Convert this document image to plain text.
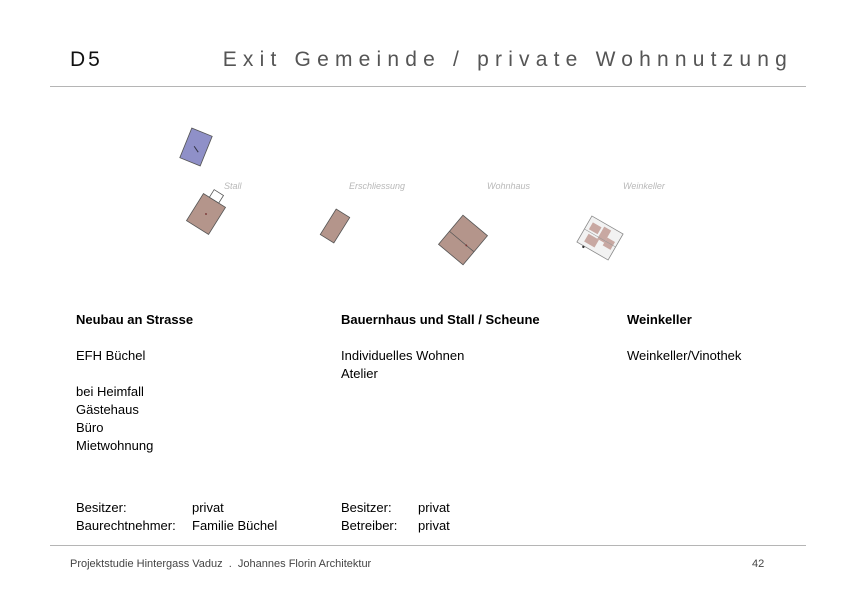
D5	Exit Gemeinde / private Wohnnutzung
Stall	Erschliessung	Wohnhaus	Weinkeller
Neubau an Strasse
EFH Büchel
bei Heimfall
Gästehaus
Büro
Mietwohnung
Besitzer:	privat
Baurechtnehmer: Familie Büchel
Bauernhaus und Stall / Scheune
Individuelles Wohnen
Atelier
Besitzer: privat
Betreiber: privat
Weinkeller
Weinkeller/Vinothek
Projektstudie Hintergass Vaduz  .  Johannes Florin Architektur	42
